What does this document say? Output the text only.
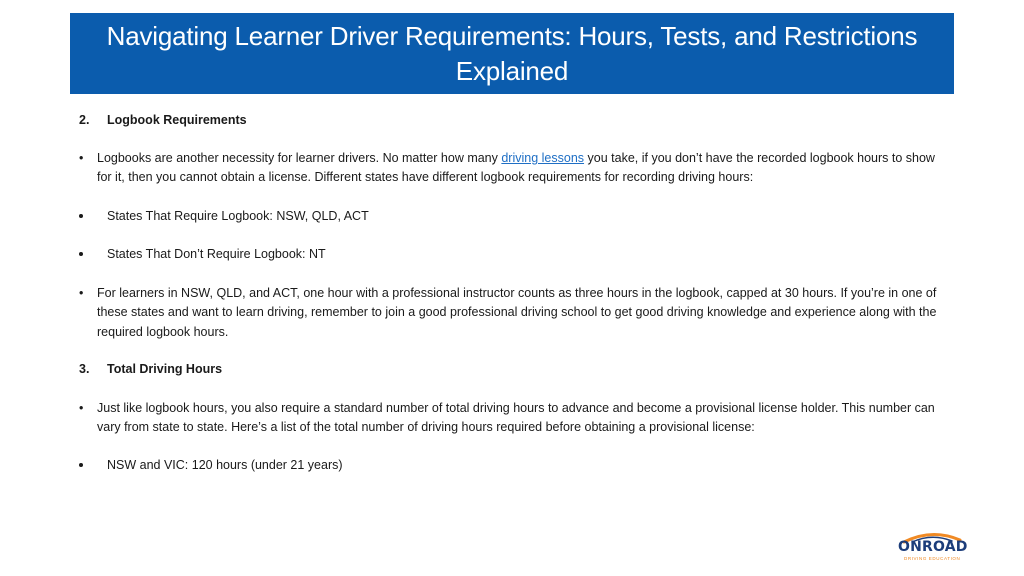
Navigating Learner Driver Requirements: Hours, Tests, and Restrictions Explained
2. Logbook Requirements
• Logbooks are another necessity for learner drivers. No matter how many driving lessons you take, if you don’t have the recorded logbook hours to show for it, then you cannot obtain a license. Different states have different logbook requirements for recording driving hours:
States That Require Logbook: NSW, QLD, ACT
States That Don’t Require Logbook: NT
• For learners in NSW, QLD, and ACT, one hour with a professional instructor counts as three hours in the logbook, capped at 30 hours. If you’re in one of these states and want to learn driving, remember to join a good professional driving school to get good driving knowledge and experience along with the required logbook hours.
3. Total Driving Hours
• Just like logbook hours, you also require a standard number of total driving hours to advance and become a provisional license holder. This number can vary from state to state. Here’s a list of the total number of driving hours required before obtaining a provisional license:
NSW and VIC: 120 hours (under 21 years)
ONROAD
DRIVING EDUCATION
